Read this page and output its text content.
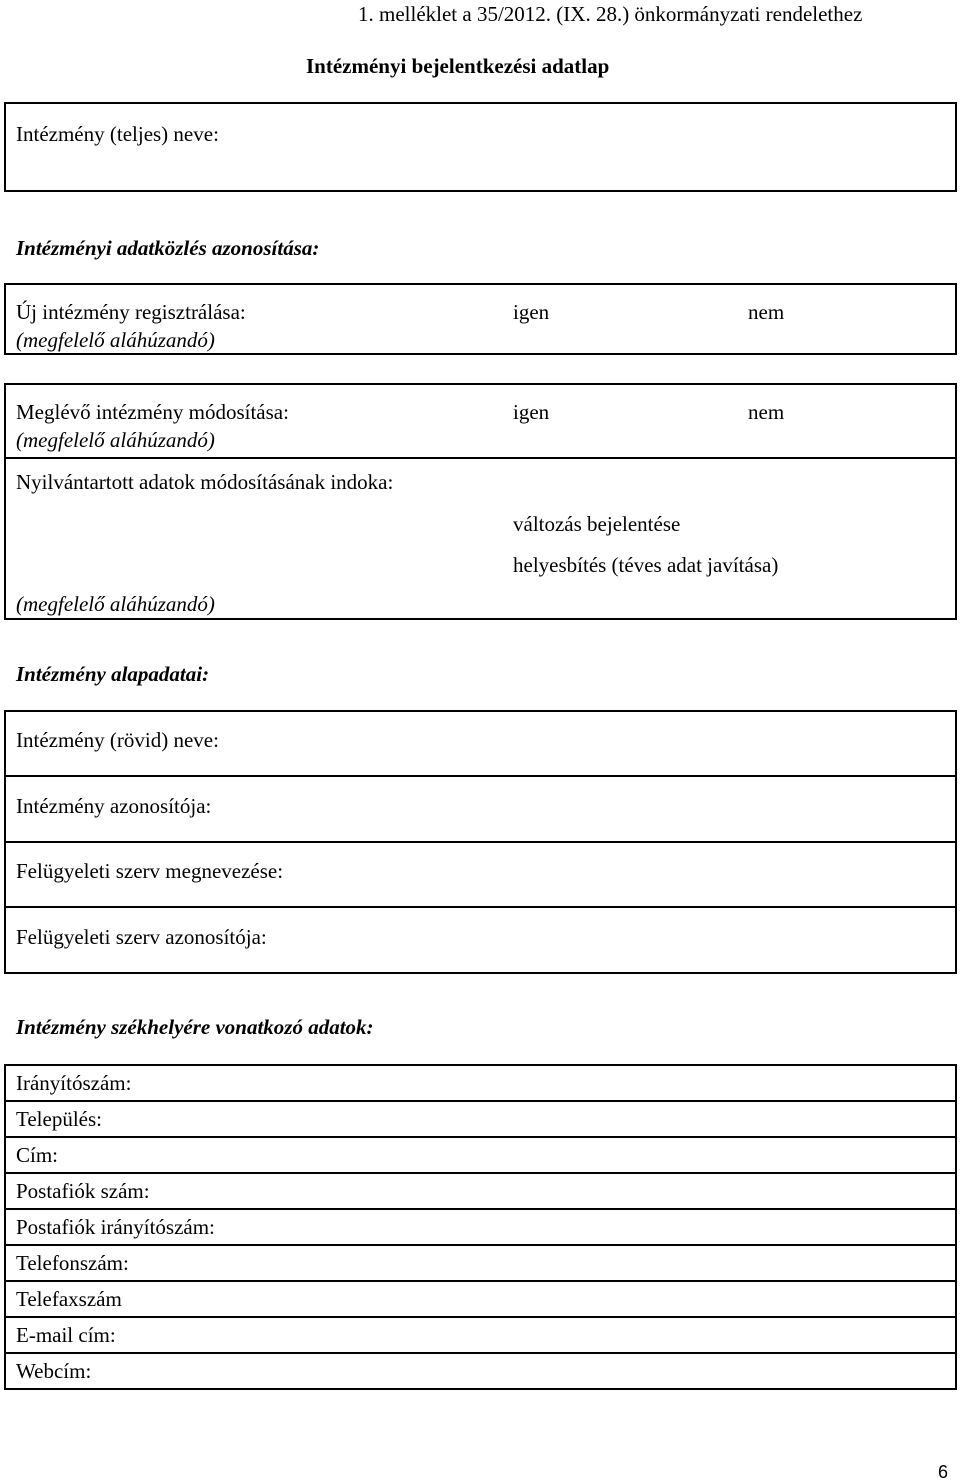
1. melléklet a 35/2012. (IX. 28.) önkormányzati rendelethez
Intézményi bejelentkezési adatlap
Intézmény (teljes) neve:
Intézményi adatközlés azonosítása:
Új intézmény regisztrálása:
(megfelelő aláhúzandó)
igen	nem
Meglévő intézmény módosítása:
(megfelelő aláhúzandó)
igen	nem
Nyilvántartott adatok módosításának indoka:
változás bejelentése
helyesbítés (téves adat javítása)
(megfelelő aláhúzandó)
Intézmény alapadatai:
Intézmény (rövid) neve:
Intézmény azonosítója:
Felügyeleti szerv megnevezése:
Felügyeleti szerv azonosítója:
Intézmény székhelyére vonatkozó adatok:
Irányítószám:
Település:
Cím:
Postafiók szám:
Postafiók irányítószám:
Telefonszám:
Telefaxszám
E-mail cím:
Webcím:
6
